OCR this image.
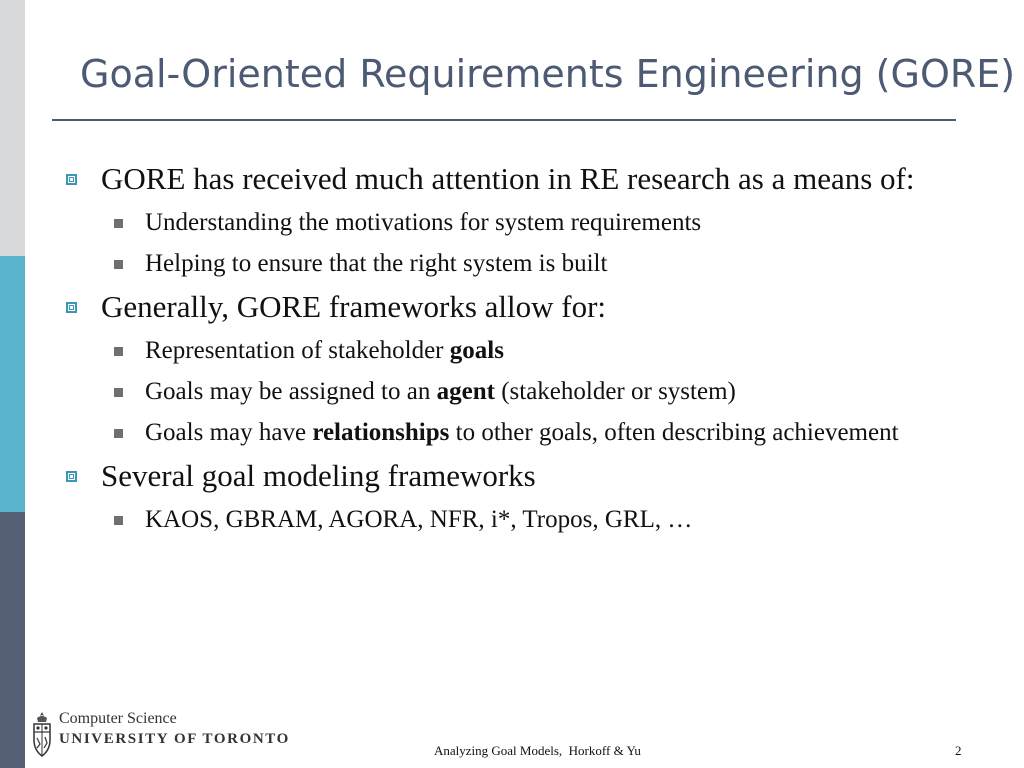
Goal-Oriented Requirements Engineering (GORE)
GORE has received much attention in RE research as a means of:
Understanding the motivations for system requirements
Helping to ensure that the right system is built
Generally, GORE frameworks allow for:
Representation of stakeholder goals
Goals may be assigned to an agent (stakeholder or system)
Goals may have relationships to other goals, often describing achievement
Several goal modeling frameworks
KAOS, GBRAM, AGORA, NFR, i*, Tropos, GRL, …
Computer Science
UNIVERSITY OF TORONTO
Analyzing Goal Models,  Horkoff & Yu	2
